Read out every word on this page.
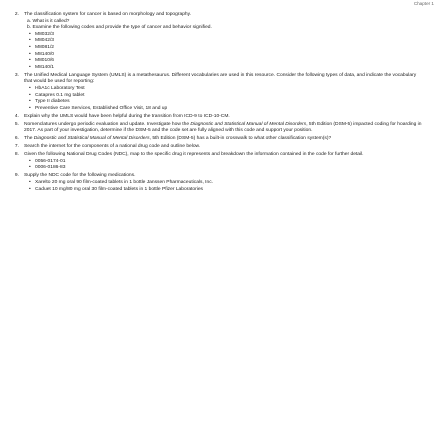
Chapter 1
2.	The classification system for cancer is based on morphology and topography.
a. What is it called?
b. Examine the following codes and provide the type of cancer and behavior signified.
• M8032/3
• M8042/3
• M8081/2
• M8140/0
• M8010/6
• M8140/1
3.	The Unified Medical Language System (UMLS) is a metathesaurus. Different vocabularies are used in this resource. Consider the following types of data, and indicate the vocabulary that would be used for reporting:
• HbA1c Laboratory Test
• Catapres 0.1 mg tablet
• Type II diabetes
• Preventive Care Services, Established Office Visit, 18 and up
4.	Explain why the UMLS would have been helpful during the transition from ICD-9 to ICD-10-CM.
5.	Nomenclatures undergo periodic evaluation and update. Investigate how the Diagnostic and Statistical Manual of Mental Disorders, 5th Edition (DSM-5) impacted coding for hoarding in 2017. As part of your investigation, determine if the DSM-5 and the code set are fully aligned with this code and support your position.
6.	The Diagnostic and Statistical Manual of Mental Disorders, 5th Edition (DSM-5) has a built-in crosswalk to what other classification system(s)?
7.	Search the internet for the components of a national drug code and outline below.
8.	Given the following National Drug Codes (NDC), map to the specific drug it represents and breakdown the information contained in the code for further detail.
• 0056-0174-01
• 0006-0186-83
9.	Supply the NDC code for the following medications.
• Xarelto 20 mg oral 90 film-coated tablets in 1 bottle Janssen Pharmaceuticals, Inc.
• Caduet 10 mg/80 mg oral 30 film-coated tablets in 1 bottle Pfizer Laboratories
